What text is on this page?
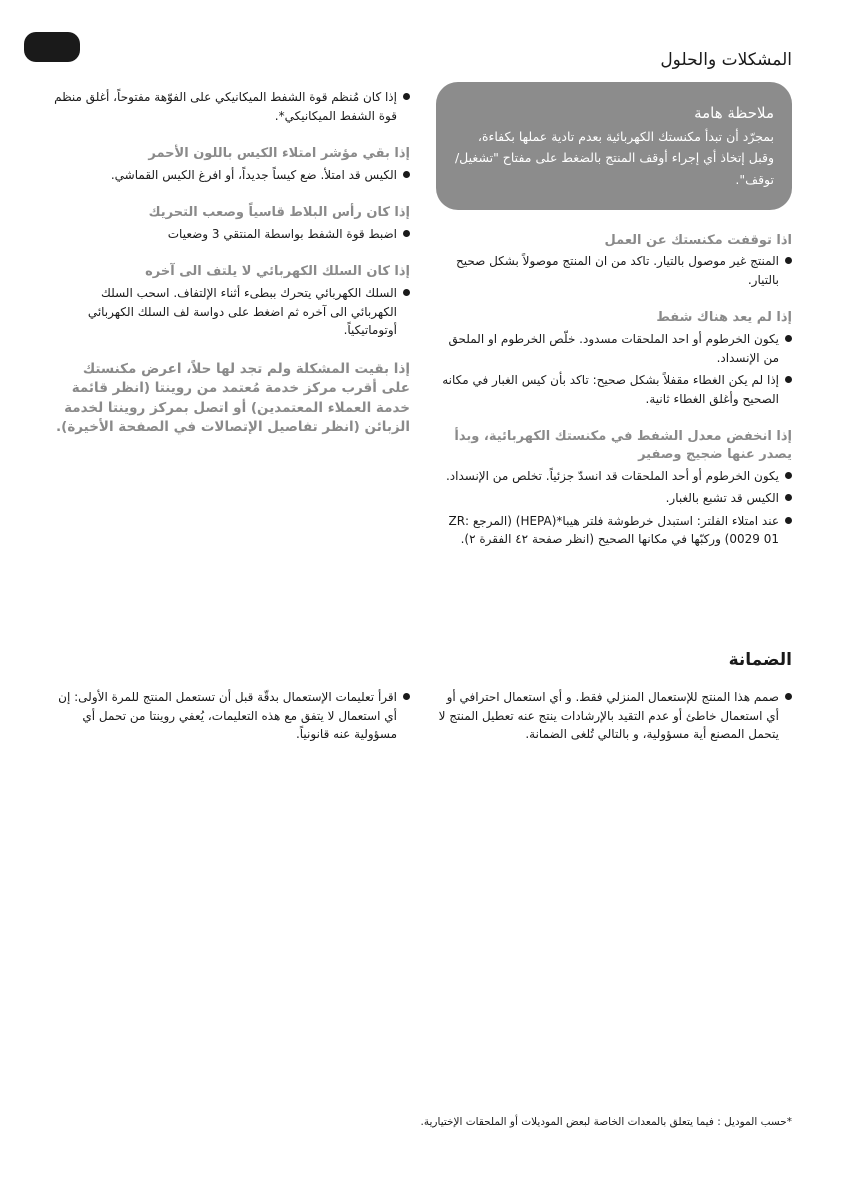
المشكلات والحلول
ملاحظة هامة
بمجرّد أن تبدأ مكنستك الكهربائية بعدم تادية عملها بكفاءة، وقبل إتخاذ أي إجراء أوقف المنتج بالضغط على مفتاح "تشغيل/توقف".
اذا توقفت مكنستك عن العمل
المنتج غير موصول بالتيار. تاكد من ان المنتج موصولاً بشكل صحيح بالتيار.
إذا لم يعد هناك شفط
يكون الخرطوم أو احد الملحقات مسدود. خلّص الخرطوم او الملحق من الإنسداد.
إذا لم يكن الغطاء مقفلاً بشكل صحيح: تاكد بأن كيس الغبار في مكانه الصحيح وأغلق الغطاء ثانية.
إذا انخفض معدل الشفط في مكنستك الكهربائية، وبدأ يصدر عنها ضجيج وصفير
يكون الخرطوم أو أحد الملحقات قد انسدّ جزئياً. تخلص من الإنسداد.
الكيس قد تشبع بالغبار.
عند امتلاء الفلتر: استبدل خرطوشة فلتر هيبا*(HEPA) (المرجع :ZR 0029 01) وركبّها في مكانها الصحيح (انظر صفحة ٤٢ الفقرة ٢).
إذا كان مُنظم قوة الشفط الميكانيكي على الفوّهة مفتوحاً، أغلق منظم قوة الشفط الميكانيكي*.
إذا بقي مؤشر امتلاء الكيس باللون الأحمر
الكيس قد امتلأ. ضع كيساً جديداً، أو افرغ الكيس القماشي.
إذا كان رأس البلاط قاسياً وصعب التحريك
اضبط قوة الشفط بواسطة المنتقي 3 وضعيات
إذا كان السلك الكهربائي لا يلتف الى آخره
السلك الكهربائي يتحرك ببطىء أثناء الإلتفاف. اسحب السلك الكهربائي الى آخره ثم اضغط على دواسة لف السلك الكهربائي أوتوماتيكياً.
إذا بقيت المشكلة ولم تجد لها حلاً، اعرض مكنستك على أقرب مركز خدمة مُعتمد من روينتا (انظر قائمة خدمة العملاء المعتمدين) أو اتصل بمركز روينتا لخدمة الزبائن (انظر تفاصيل الإتصالات في الصفحة الأخيرة).
الضمانة
صمم هذا المنتج للإستعمال المنزلي فقط. و أي استعمال احترافي أو أي استعمال خاطئ أو عدم التقيد بالإرشادات ينتج عنه تعطيل المنتج لا يتحمل المصنع أية مسؤولية، و بالتالي تُلغى الضمانة.
اقرأ تعليمات الإستعمال بدقّة قبل أن تستعمل المنتج للمرة الأولى: إن أي استعمال لا يتفق مع هذه التعليمات، يُعفي روينتا من تحمل أي مسؤولية عنه قانونياً.
*حسب الموديل : فيما يتعلق بالمعدات الخاصة لبعض الموديلات أو الملحقات الإختيارية.
